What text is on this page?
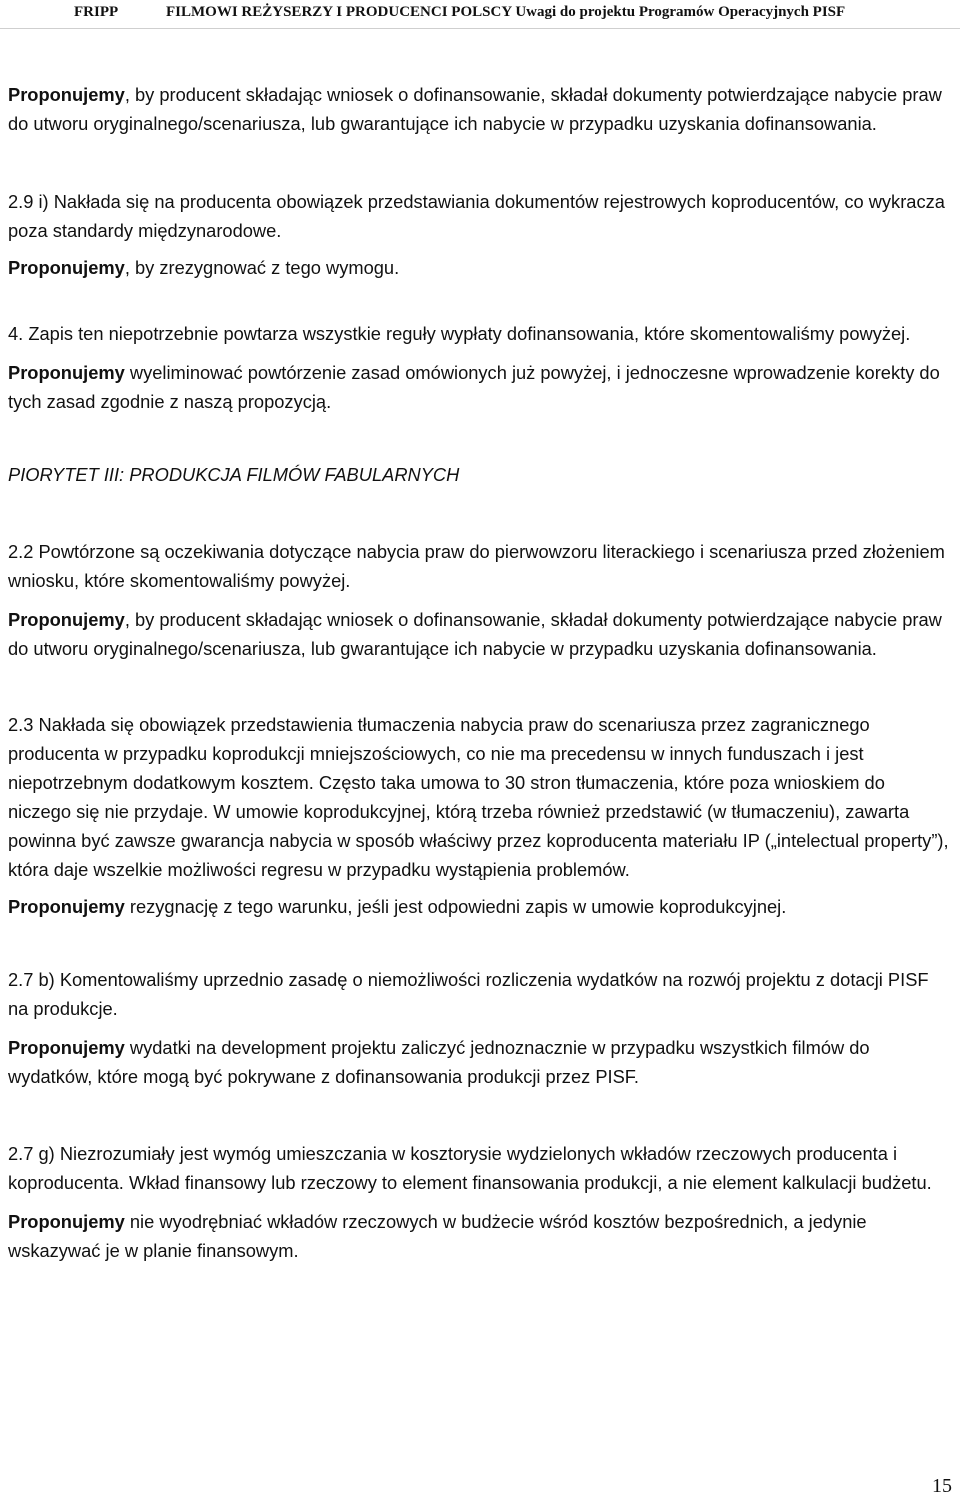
FRIPP	FILMOWI REŻYSERZY I PRODUCENCI POLSCY Uwagi do projektu Programów Operacyjnych PISF

Proponujemy, by producent składając wniosek o dofinansowanie, składał dokumenty potwierdzające nabycie praw do utworu oryginalnego/scenariusza, lub gwarantujące ich nabycie w przypadku uzyskania dofinansowania.

2.9 i) Nakłada się na producenta obowiązek przedstawiania dokumentów rejestrowych koproducentów, co wykracza poza standardy międzynarodowe.

Proponujemy, by zrezygnować z tego wymogu.

4. Zapis ten niepotrzebnie powtarza wszystkie reguły wypłaty dofinansowania, które skomentowaliśmy powyżej.

Proponujemy wyeliminować powtórzenie zasad omówionych już powyżej, i jednoczesne wprowadzenie korekty do tych zasad zgodnie z naszą propozycją.

PIORYTET III: PRODUKCJA FILMÓW FABULARNYCH

2.2 Powtórzone są oczekiwania dotyczące nabycia praw do pierwowzoru literackiego i scenariusza przed złożeniem wniosku, które skomentowaliśmy powyżej.

Proponujemy, by producent składając wniosek o dofinansowanie, składał dokumenty potwierdzające nabycie praw do utworu oryginalnego/scenariusza, lub gwarantujące ich nabycie w przypadku uzyskania dofinansowania.

2.3 Nakłada się obowiązek przedstawienia tłumaczenia nabycia praw do scenariusza przez zagranicznego producenta w przypadku koprodukcji mniejszościowych, co nie ma precedensu w innych funduszach i jest niepotrzebnym dodatkowym kosztem. Często taka umowa to 30 stron tłumaczenia, które poza wnioskiem do niczego się nie przydaje. W umowie koprodukcyjnej, którą trzeba również przedstawić (w tłumaczeniu), zawarta powinna być zawsze gwarancja nabycia w sposób właściwy przez koproducenta materiału IP („intelectual property”), która daje wszelkie możliwości regresu w przypadku wystąpienia problemów.

Proponujemy rezygnację z tego warunku, jeśli jest odpowiedni zapis w umowie koprodukcyjnej.

2.7 b) Komentowaliśmy uprzednio zasadę o niemożliwości rozliczenia wydatków na rozwój projektu z dotacji PISF na produkcje.

Proponujemy wydatki na development projektu zaliczyć jednoznacznie w przypadku wszystkich filmów do wydatków, które mogą być pokrywane z dofinansowania produkcji przez PISF.

2.7 g) Niezrozumiały jest wymóg umieszczania w kosztorysie wydzielonych wkładów rzeczowych producenta i koproducenta. Wkład finansowy lub rzeczowy to element finansowania produkcji, a nie element kalkulacji budżetu.

Proponujemy nie wyodrębniać wkładów rzeczowych w budżecie wśród kosztów bezpośrednich, a jedynie wskazywać je w planie finansowym.

15
